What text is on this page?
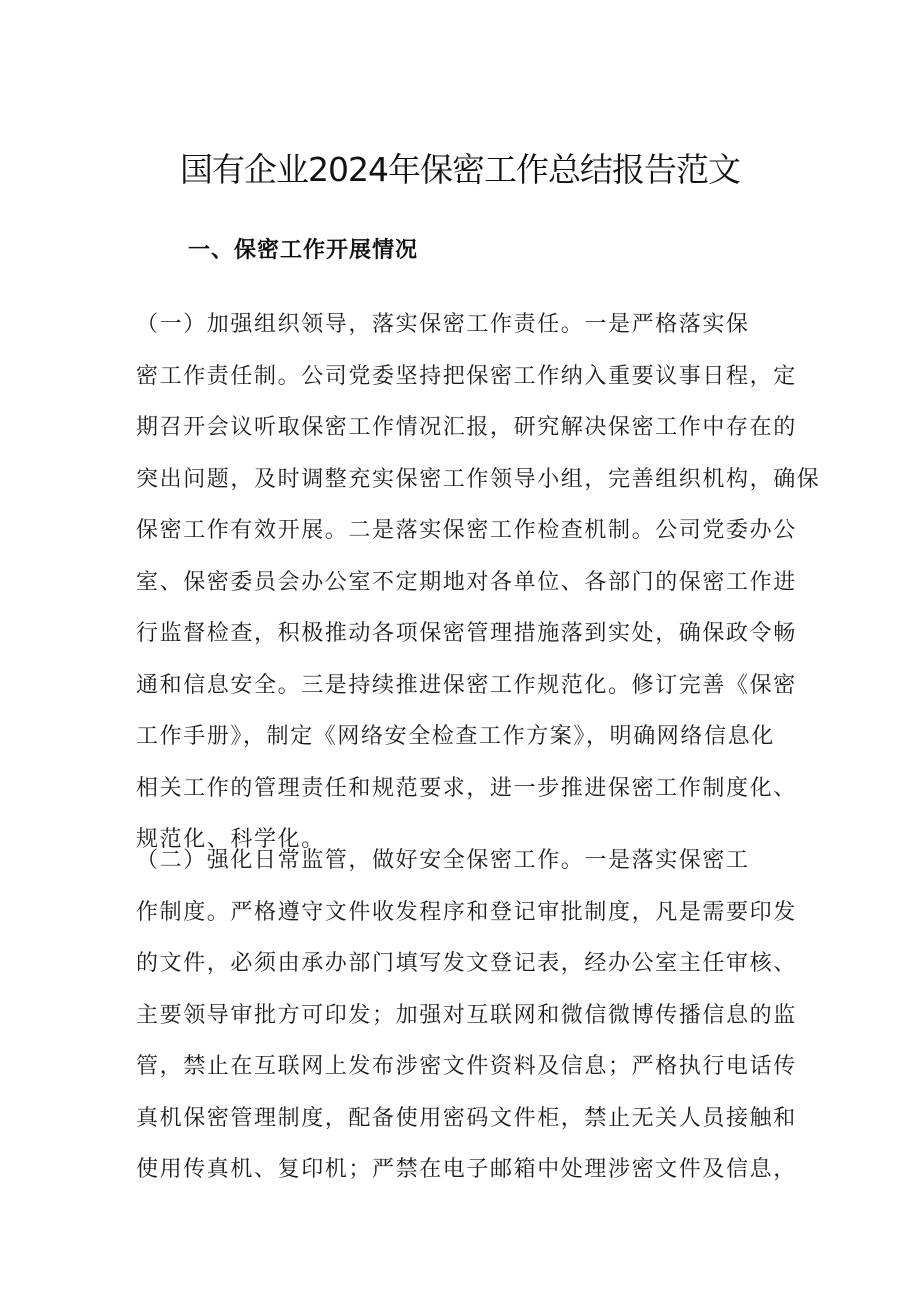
国有企业2024年保密工作总结报告范文
一、保密工作开展情况
（一）加强组织领导，落实保密工作责任。一是严格落实保
密工作责任制。公司党委坚持把保密工作纳入重要议事日程，定
期召开会议听取保密工作情况汇报，研究解决保密工作中存在的
突出问题，及时调整充实保密工作领导小组，完善组织机构，确保
保密工作有效开展。二是落实保密工作检查机制。公司党委办公
室、保密委员会办公室不定期地对各单位、各部门的保密工作进
行监督检查，积极推动各项保密管理措施落到实处，确保政令畅
通和信息安全。三是持续推进保密工作规范化。修订完善《保密
工作手册》，制定《网络安全检查工作方案》，明确网络信息化
相关工作的管理责任和规范要求，进一步推进保密工作制度化、
规范化、科学化。
（二）强化日常监管，做好安全保密工作。一是落实保密工
作制度。严格遵守文件收发程序和登记审批制度，凡是需要印发
的文件，必须由承办部门填写发文登记表，经办公室主任审核、
主要领导审批方可印发；加强对互联网和微信微博传播信息的监
管，禁止在互联网上发布涉密文件资料及信息；严格执行电话传
真机保密管理制度，配备使用密码文件柜，禁止无关人员接触和
使用传真机、复印机；严禁在电子邮箱中处理涉密文件及信息，
